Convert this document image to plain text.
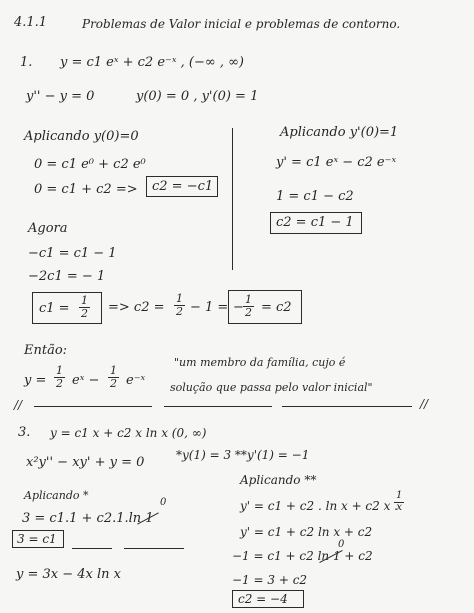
4.1.1	Problemas de Valor inicial e problemas de contorno.
1. y = c1 eˣ + c2 e⁻ˣ , (−∞ , ∞)
y'' − y = 0	y(0) = 0 , y'(0) = 1
Aplicando y(0)=0
0 = c1 e⁰ + c2 e⁰
0 = c1 + c2 => c2 = −c1
Aplicando y'(0)=1
y' = c1 eˣ − c2 e⁻ˣ
1 = c1 − c2
c2 = c1 − 1
Agora
−c1 = c1 − 1
−2c1 = − 1
$c1 = \frac{1}{2} => c2 = \frac{1}{2} - 1$ = − $\frac{1}{2} = c2$
Então:
$y = \frac{1}{2}$ eˣ − $\frac{1}{2}$ e⁻ˣ
"um membro da família, cujo é
solução que passa pelo valor inicial"
//	//
3. y = c1 x + c2 x ln x (0, ∞)
x²y'' − xy' + y = 0	*y(1) = 3 **y'(1) = −1
Aplicando *
3 = c1.1 + c2.1.ln 1
0
3 = c1
y = 3x − 4x ln x
Aplicando **
y' = c1 + c2 . ln x + c2 x .
$\frac{1}{x}$
y' = c1 + c2 ln x + c2
−1 = c1 + c2 ln 1 + c2
0
−1 = 3 + c2
c2 = −4
